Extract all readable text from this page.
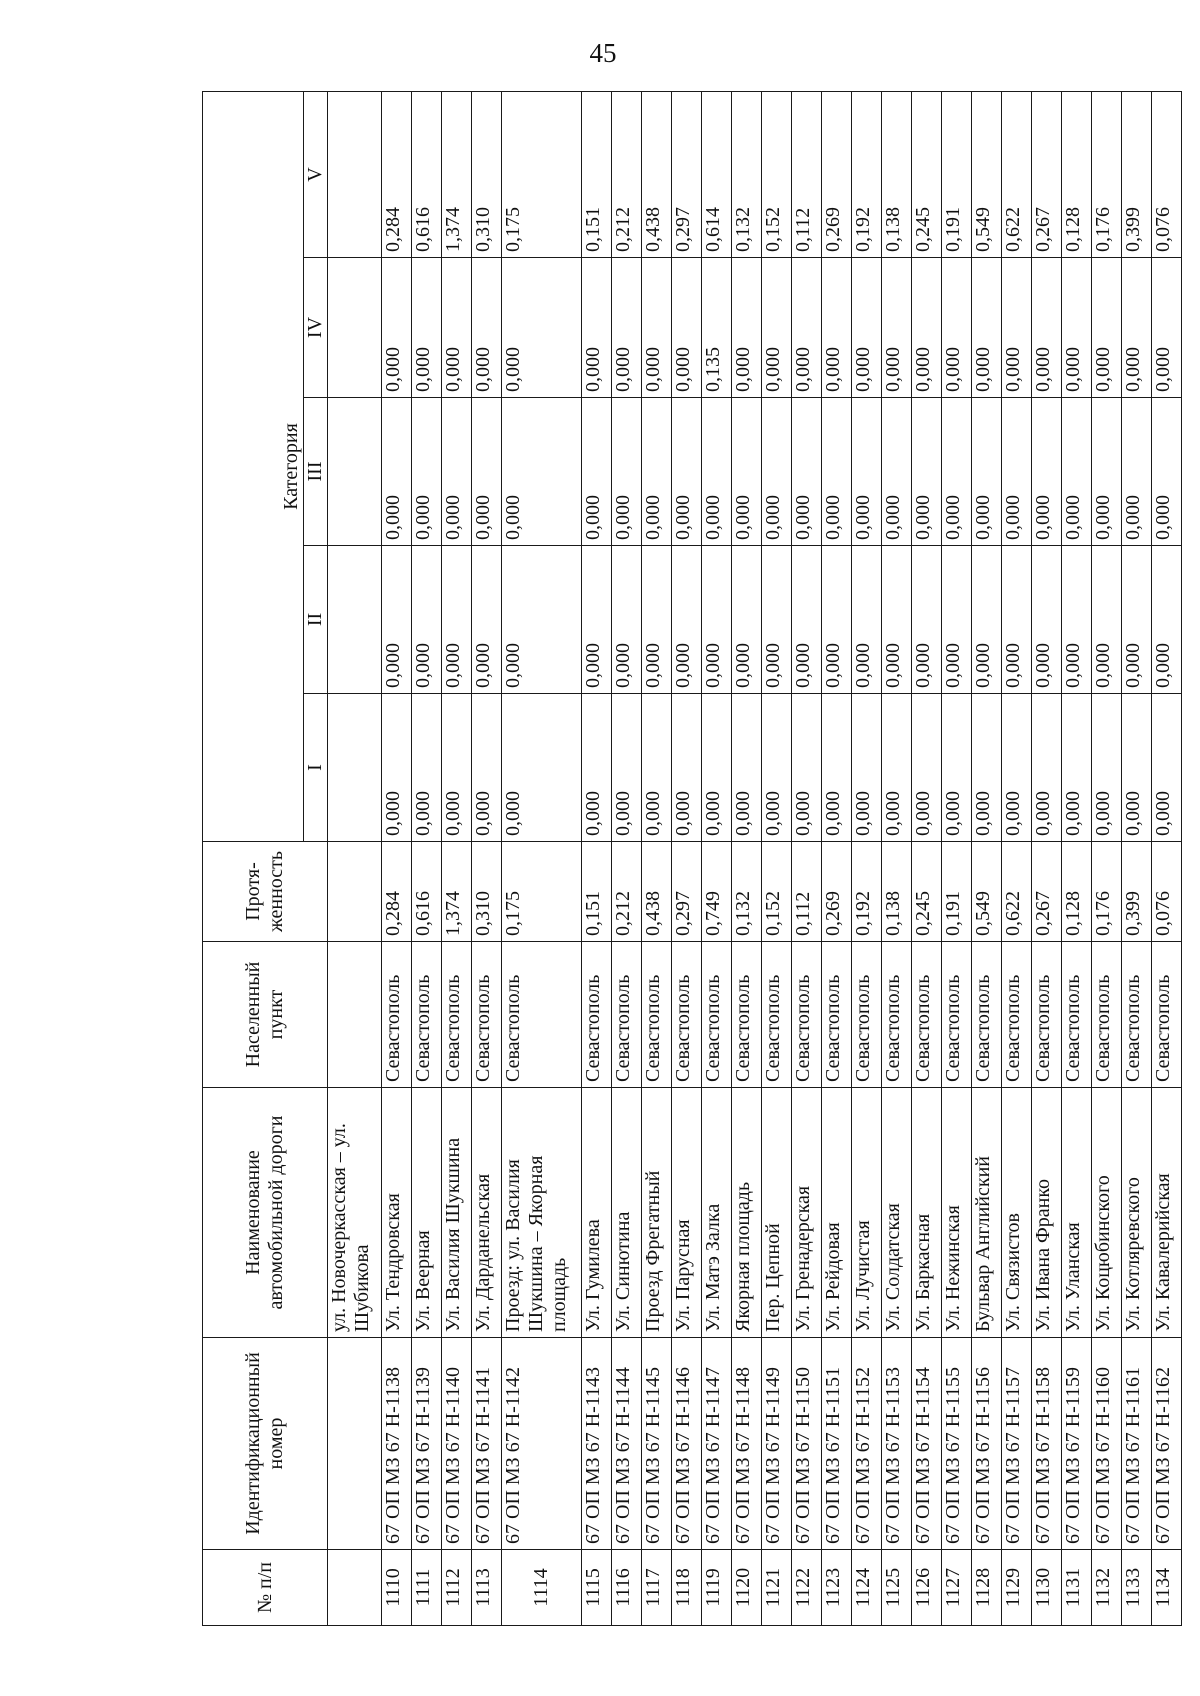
45
№ п/п	Идентификационный номер	Наименование автомобильной дороги	Населенный пункт	Протя- женность	Категория				
					I	II	III	IV	V
		ул. Новочеркасская – ул. Шубикова							
1110	67 ОП МЗ 67 Н-1138	Ул. Тендровская	Севастополь	0,284	0,000	0,000	0,000	0,000	0,284
1111	67 ОП МЗ 67 Н-1139	Ул. Веерная	Севастополь	0,616	0,000	0,000	0,000	0,000	0,616
1112	67 ОП МЗ 67 Н-1140	Ул. Василия Шукшина	Севастополь	1,374	0,000	0,000	0,000	0,000	1,374
1113	67 ОП МЗ 67 Н-1141	Ул. Дарданельская	Севастополь	0,310	0,000	0,000	0,000	0,000	0,310
1114	67 ОП МЗ 67 Н-1142	Проезд: ул. Василия Шукшина – Якорная площадь	Севастополь	0,175	0,000	0,000	0,000	0,000	0,175
1115	67 ОП МЗ 67 Н-1143	Ул. Гумилева	Севастополь	0,151	0,000	0,000	0,000	0,000	0,151
1116	67 ОП МЗ 67 Н-1144	Ул. Синютина	Севастополь	0,212	0,000	0,000	0,000	0,000	0,212
1117	67 ОП МЗ 67 Н-1145	Проезд Фрегатный	Севастополь	0,438	0,000	0,000	0,000	0,000	0,438
1118	67 ОП МЗ 67 Н-1146	Ул. Парусная	Севастополь	0,297	0,000	0,000	0,000	0,000	0,297
1119	67 ОП МЗ 67 Н-1147	Ул. Матэ Залка	Севастополь	0,749	0,000	0,000	0,000	0,135	0,614
1120	67 ОП МЗ 67 Н-1148	Якорная площадь	Севастополь	0,132	0,000	0,000	0,000	0,000	0,132
1121	67 ОП МЗ 67 Н-1149	Пер. Цепной	Севастополь	0,152	0,000	0,000	0,000	0,000	0,152
1122	67 ОП МЗ 67 Н-1150	Ул. Гренадерская	Севастополь	0,112	0,000	0,000	0,000	0,000	0,112
1123	67 ОП МЗ 67 Н-1151	Ул. Рейдовая	Севастополь	0,269	0,000	0,000	0,000	0,000	0,269
1124	67 ОП МЗ 67 Н-1152	Ул. Лучистая	Севастополь	0,192	0,000	0,000	0,000	0,000	0,192
1125	67 ОП МЗ 67 Н-1153	Ул. Солдатская	Севастополь	0,138	0,000	0,000	0,000	0,000	0,138
1126	67 ОП МЗ 67 Н-1154	Ул. Баркасная	Севастополь	0,245	0,000	0,000	0,000	0,000	0,245
1127	67 ОП МЗ 67 Н-1155	Ул. Нежинская	Севастополь	0,191	0,000	0,000	0,000	0,000	0,191
1128	67 ОП МЗ 67 Н-1156	Бульвар Английский	Севастополь	0,549	0,000	0,000	0,000	0,000	0,549
1129	67 ОП МЗ 67 Н-1157	Ул. Связистов	Севастополь	0,622	0,000	0,000	0,000	0,000	0,622
1130	67 ОП МЗ 67 Н-1158	Ул. Ивана Франко	Севастополь	0,267	0,000	0,000	0,000	0,000	0,267
1131	67 ОП МЗ 67 Н-1159	Ул. Уланская	Севастополь	0,128	0,000	0,000	0,000	0,000	0,128
1132	67 ОП МЗ 67 Н-1160	Ул. Коцюбинского	Севастополь	0,176	0,000	0,000	0,000	0,000	0,176
1133	67 ОП МЗ 67 Н-1161	Ул. Котляревского	Севастополь	0,399	0,000	0,000	0,000	0,000	0,399
1134	67 ОП МЗ 67 Н-1162	Ул. Кавалерийская	Севастополь	0,076	0,000	0,000	0,000	0,000	0,076
